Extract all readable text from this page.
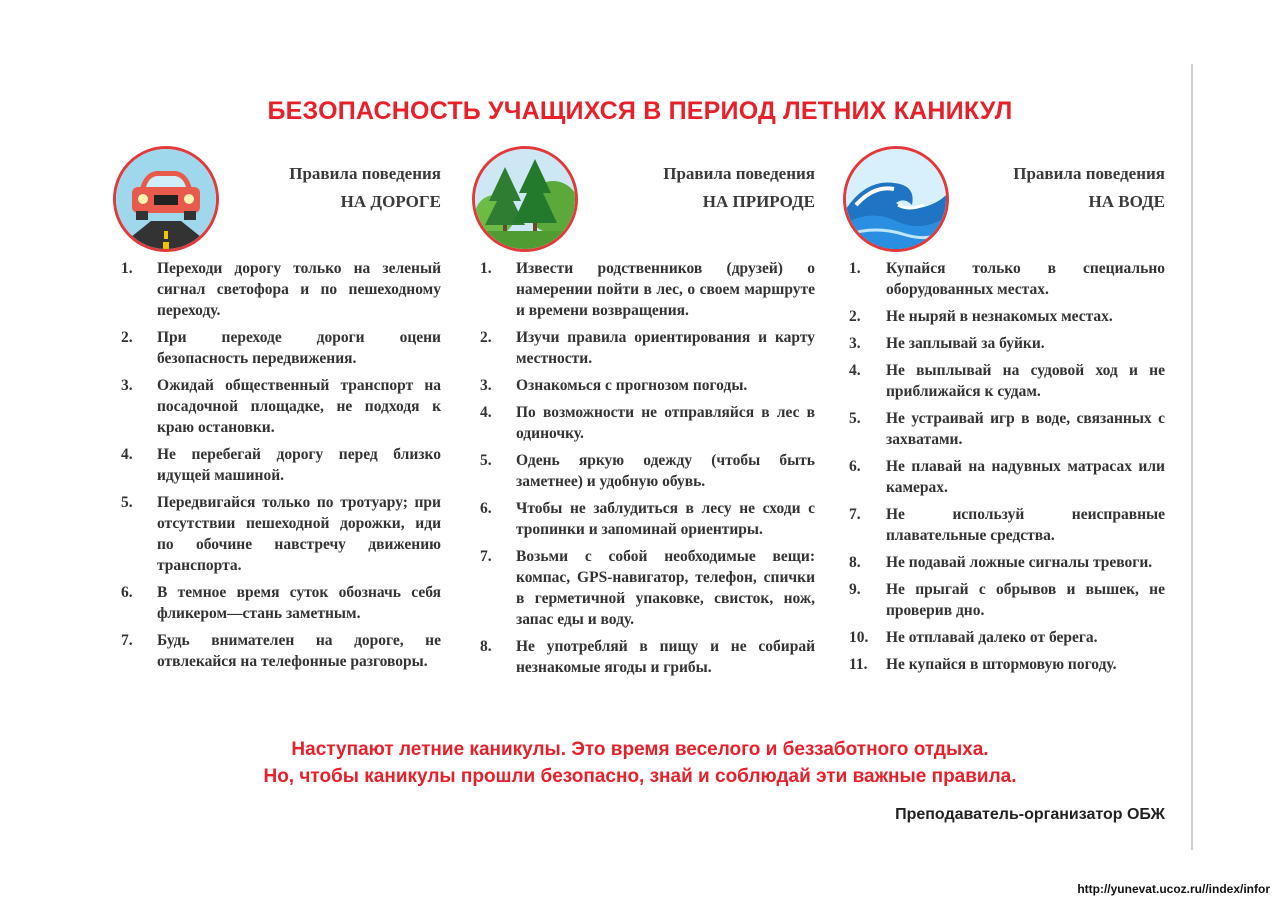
БЕЗОПАСНОСТЬ УЧАЩИХСЯ В ПЕРИОД ЛЕТНИХ КАНИКУЛ
Правила поведения
НА ДОРОГЕ
1. Переходи дорогу только на зеленый сигнал светофора и по пешеходному переходу.
2. При переходе дороги оцени безопасность передвижения.
3. Ожидай общественный транспорт на посадочной площадке, не подходя к краю остановки.
4. Не перебегай дорогу перед близко идущей машиной.
5. Передвигайся только по тротуару; при отсутствии пешеходной дорожки, иди по обочине навстречу движению транспорта.
6. В темное время суток обозначь себя фликером—стань заметным.
7. Будь внимателен на дороге, не отвлекайся на телефонные разговоры.
Правила поведения
НА ПРИРОДЕ
1. Извести родственников (друзей) о намерении пойти в лес, о своем маршруте и времени возвращения.
2. Изучи правила ориентирования и карту местности.
3. Ознакомься с прогнозом погоды.
4. По возможности не отправляйся в лес в одиночку.
5. Одень яркую одежду (чтобы быть заметнее) и удобную обувь.
6. Чтобы не заблудиться в лесу не сходи с тропинки и запоминай ориентиры.
7. Возьми с собой необходимые вещи: компас, GPS-навигатор, телефон, спички в герметичной упаковке, свисток, нож, запас еды и воду.
8. Не употребляй в пищу и не собирай незнакомые ягоды и грибы.
Правила поведения
НА ВОДЕ
1. Купайся только в специально оборудованных местах.
2. Не ныряй в незнакомых местах.
3. Не заплывай за буйки.
4. Не выплывай на судовой ход и не приближайся к судам.
5. Не устраивай игр в воде, связанных с захватами.
6. Не плавай на надувных матрасах или камерах.
7. Не используй неисправные плавательные средства.
8. Не подавай ложные сигналы тревоги.
9. Не прыгай с обрывов и вышек, не проверив дно.
10. Не отплавай далеко от берега.
11. Не купайся в штормовую погоду.
Наступают летние каникулы. Это время веселого и беззаботного отдыха.
Но, чтобы каникулы прошли безопасно, знай и соблюдай эти важные правила.
Преподаватель-организатор ОБЖ
http://yunevat.ucoz.ru//index/infor
